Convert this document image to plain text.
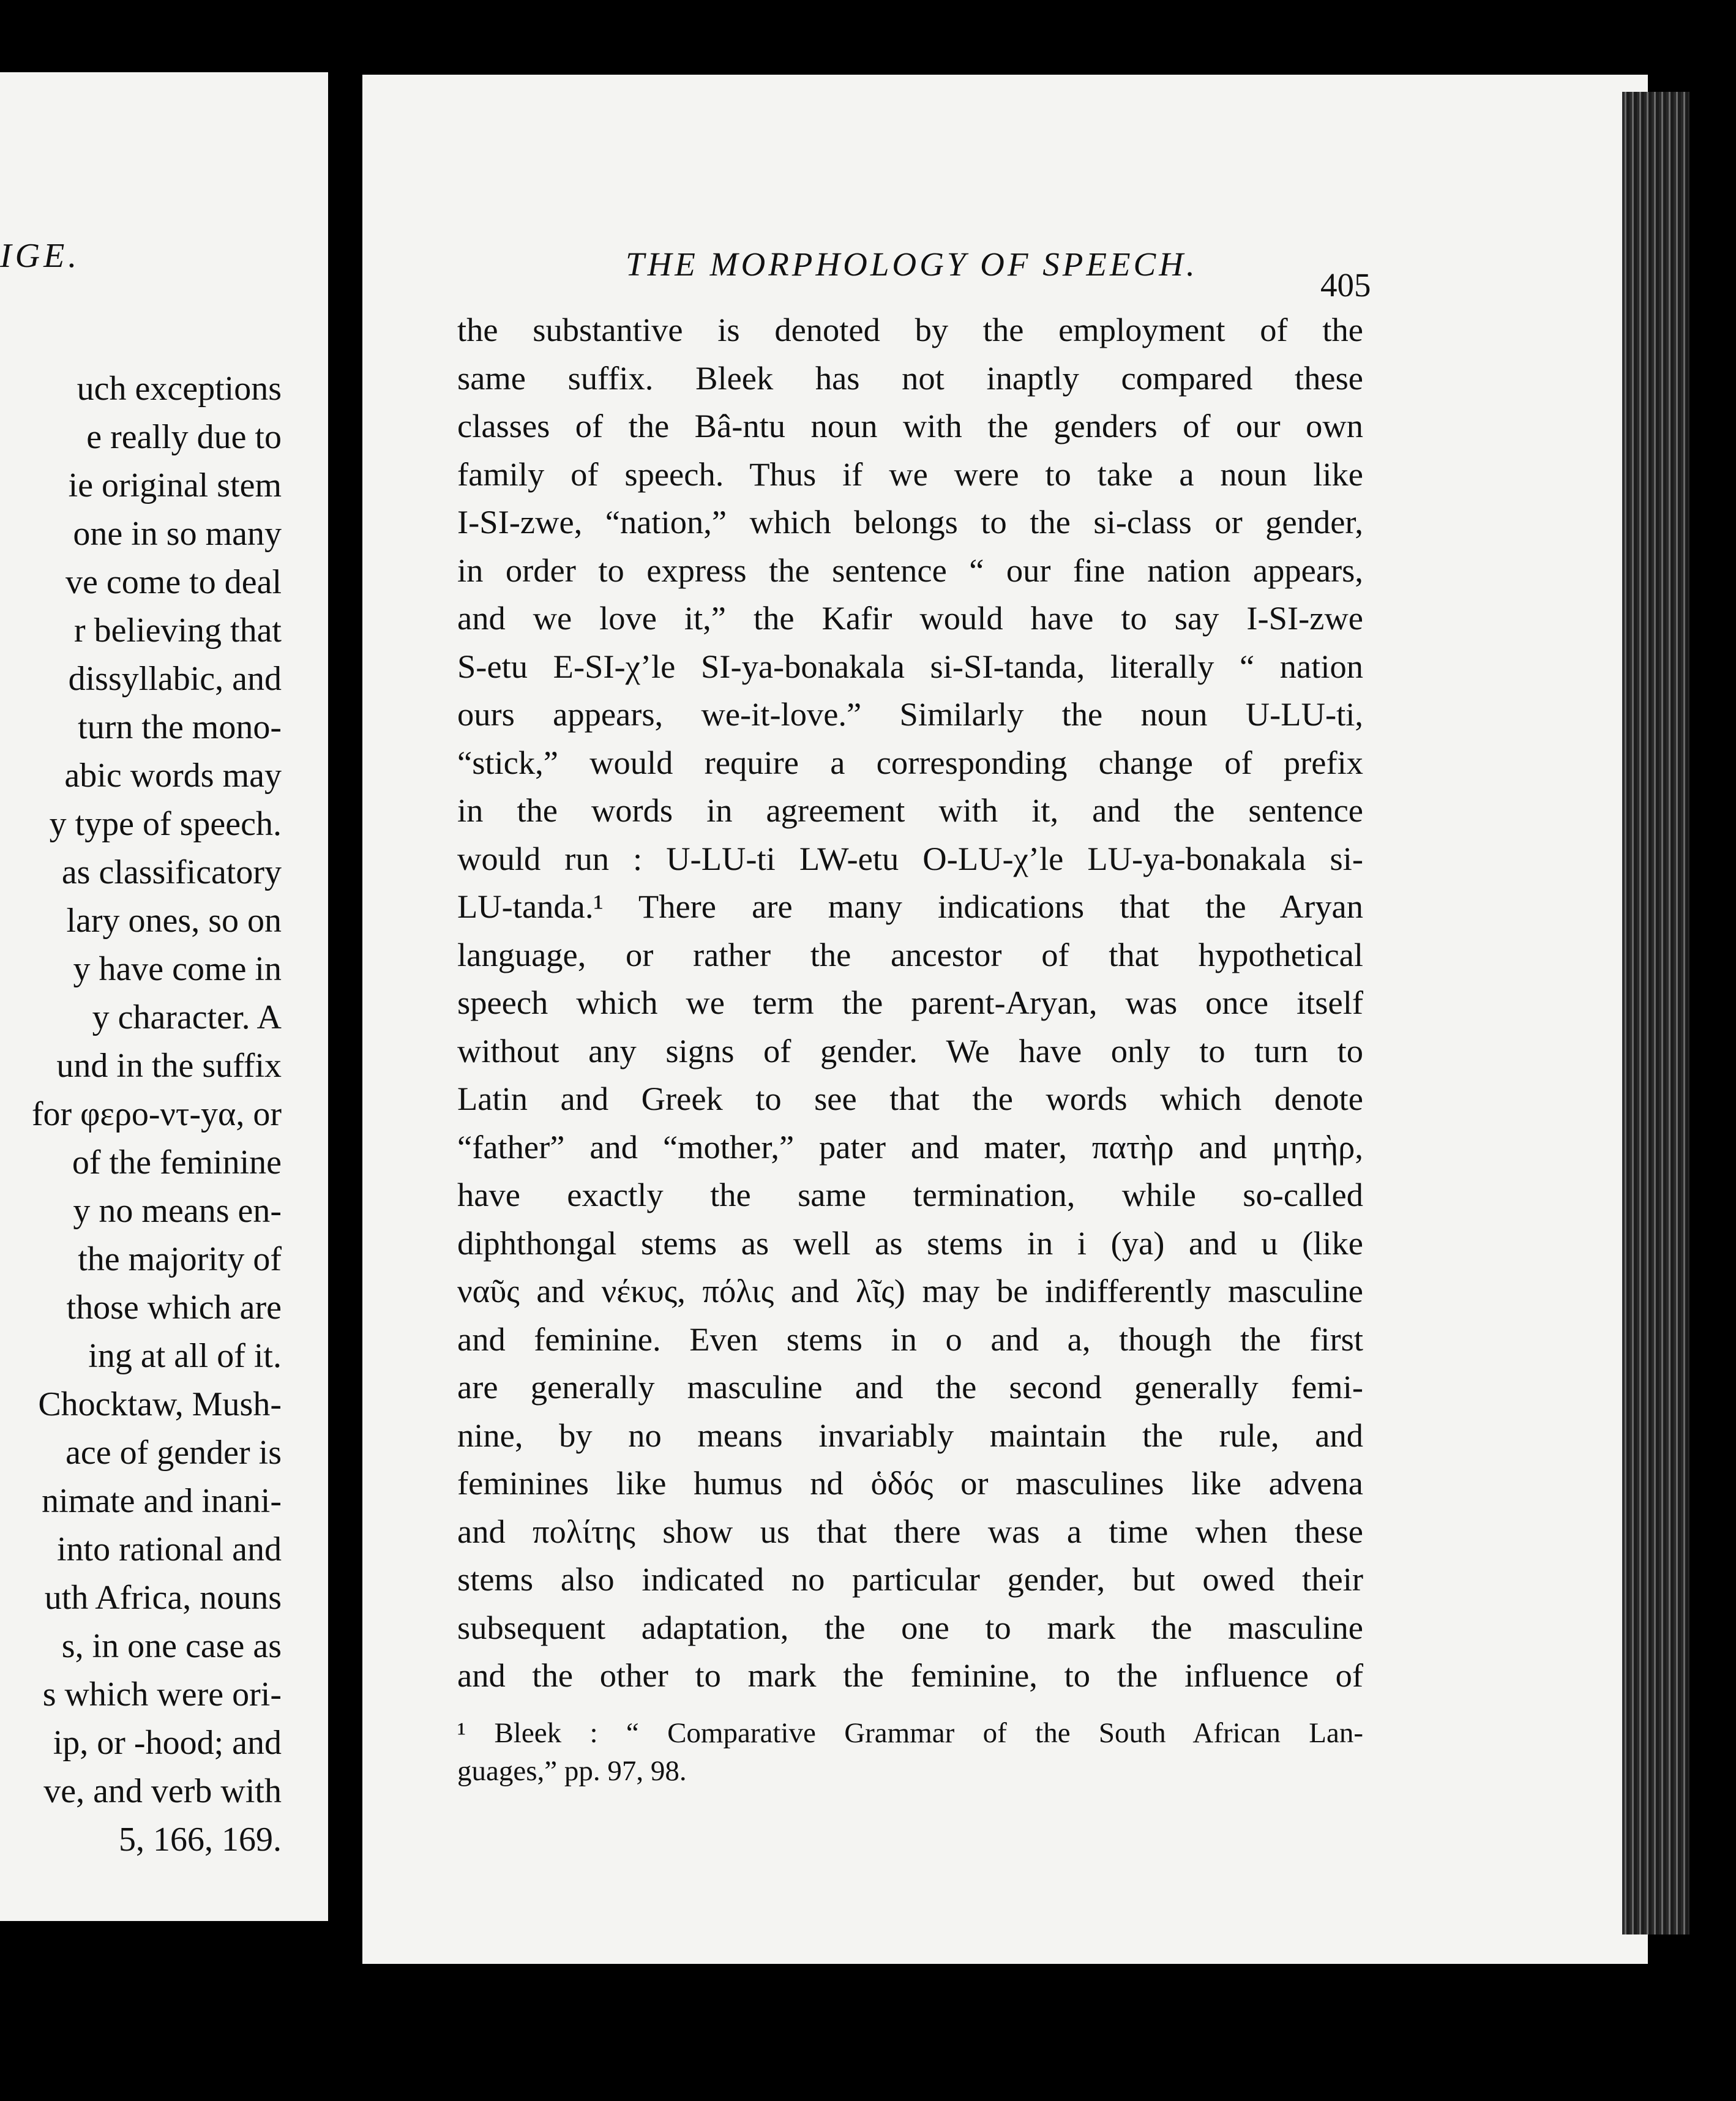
IGE.
uch exceptions
e really due to
ie original stem
one in so many
ve come to deal
r believing that
dissyllabic, and
turn the mono-
abic words may
y type of speech.
as classificatory
lary ones, so on
y have come in
y character. A
und in the suffix
for φερο-ντ-yα, or
of the feminine
y no means en-
the majority of
those which are
ing at all of it.
Chocktaw, Mush-
ace of gender is
nimate and inani-
into rational and
uth Africa, nouns
s, in one case as
s which were ori-
ip, or -hood; and
ve, and verb with
5, 166, 169.
THE MORPHOLOGY OF SPEECH.
405
the substantive is denoted by the employment of the
same suffix. Bleek has not inaptly compared these
classes of the Bâ-ntu noun with the genders of our own
family of speech. Thus if we were to take a noun like
I-SI-zwe, “nation,” which belongs to the si-class or gender,
in order to express the sentence “ our fine nation appears,
and we love it,” the Kafir would have to say I-SI-zwe
S-etu E-SI-χ’le SI-ya-bonakala si-SI-tanda, literally “ nation
ours appears, we-it-love.” Similarly the noun U-LU-ti,
“stick,” would require a corresponding change of prefix
in the words in agreement with it, and the sentence
would run : U-LU-ti LW-etu O-LU-χ’le LU-ya-bonakala si-
LU-tanda.¹ There are many indications that the Aryan
language, or rather the ancestor of that hypothetical
speech which we term the parent-Aryan, was once itself
without any signs of gender. We have only to turn to
Latin and Greek to see that the words which denote
“father” and “mother,” pater and mater, πατὴρ and μητὴρ,
have exactly the same termination, while so-called
diphthongal stems as well as stems in i (ya) and u (like
ναῦς and νέκυς, πόλις and λῖς) may be indifferently masculine
and feminine. Even stems in o and a, though the first
are generally masculine and the second generally femi-
nine, by no means invariably maintain the rule, and
feminines like humus nd ὁδός or masculines like advena
and πολίτης show us that there was a time when these
stems also indicated no particular gender, but owed their
subsequent adaptation, the one to mark the masculine
and the other to mark the feminine, to the influence of
¹ Bleek : “ Comparative Grammar of the South African Lan-
guages,” pp. 97, 98.
